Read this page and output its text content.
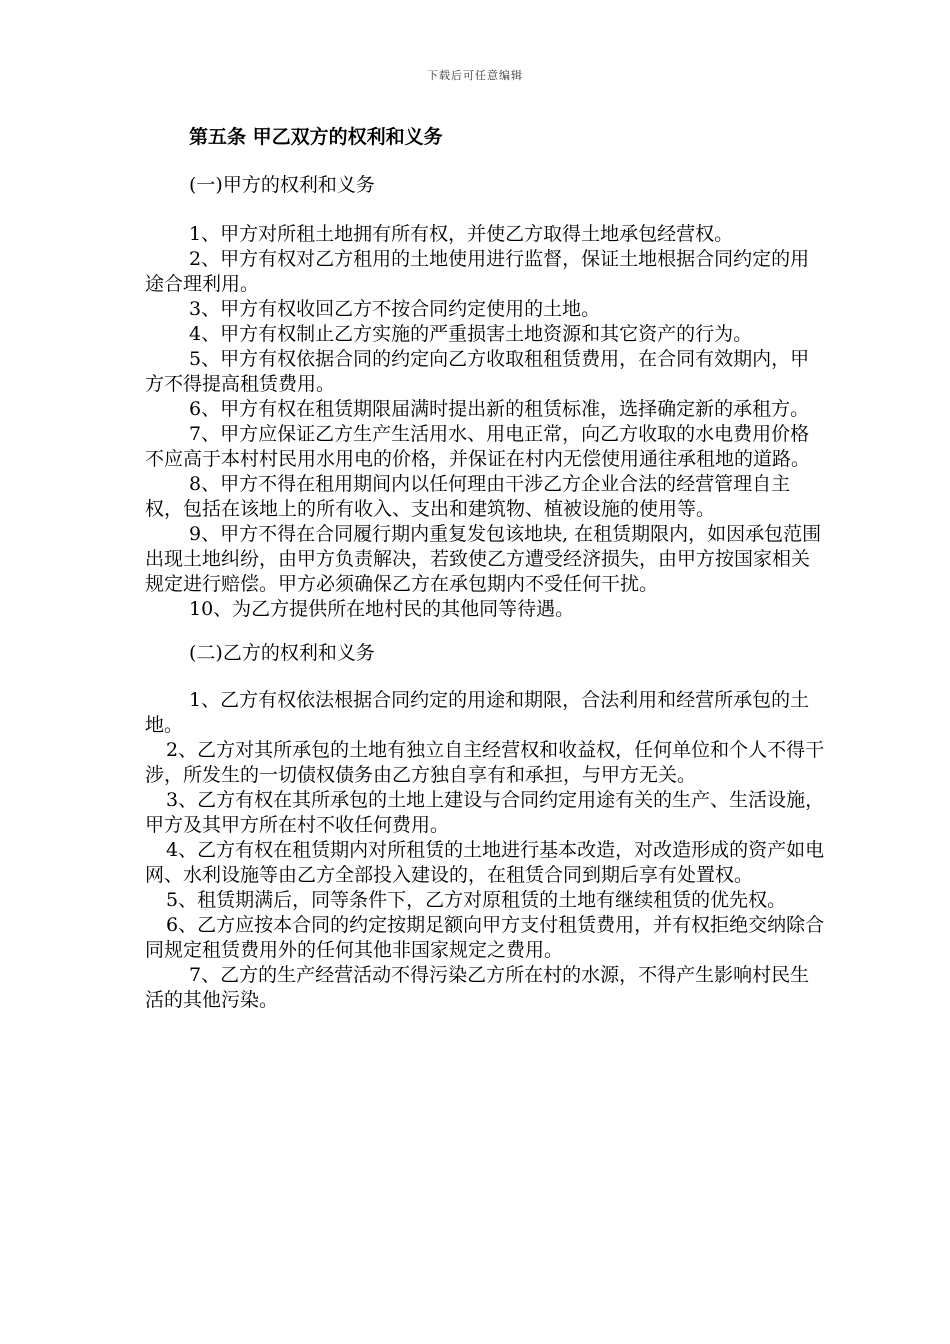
下载后可任意编辑
第五条 甲乙双方的权利和义务
(一)甲方的权利和义务

1、甲方对所租土地拥有所有权，并使乙方取得土地承包经营权。

2、甲方有权对乙方租用的土地使用进行监督，保证土地根据合同约定的用途合理利用。

3、甲方有权收回乙方不按合同约定使用的土地。

4、甲方有权制止乙方实施的严重损害土地资源和其它资产的行为。

5、甲方有权依据合同的约定向乙方收取租租赁费用，在合同有效期内，甲方不得提高租赁费用。

6、甲方有权在租赁期限届满时提出新的租赁标准，选择确定新的承租方。

7、甲方应保证乙方生产生活用水、用电正常，向乙方收取的水电费用价格不应高于本村村民用水用电的价格，并保证在村内无偿使用通往承租地的道路。

8、甲方不得在租用期间内以任何理由干涉乙方企业合法的经营管理自主权，包括在该地上的所有收入、支出和建筑物、植被设施的使用等。

9、甲方不得在合同履行期内重复发包该地块, 在租赁期限内，如因承包范围出现土地纠纷，由甲方负责解决，若致使乙方遭受经济损失，由甲方按国家相关规定进行赔偿。甲方必须确保乙方在承包期内不受任何干扰。

10、为乙方提供所在地村民的其他同等待遇。

(二)乙方的权利和义务

1、乙方有权依法根据合同约定的用途和期限，合法利用和经营所承包的土地。

2、乙方对其所承包的土地有独立自主经营权和收益权，任何单位和个人不得干涉，所发生的一切债权债务由乙方独自享有和承担，与甲方无关。

3、乙方有权在其所承包的土地上建设与合同约定用途有关的生产、生活设施，甲方及其甲方所在村不收任何费用。

4、乙方有权在租赁期内对所租赁的土地进行基本改造，对改造形成的资产如电网、水利设施等由乙方全部投入建设的，在租赁合同到期后享有处置权。

5、租赁期满后，同等条件下，乙方对原租赁的土地有继续租赁的优先权。

6、乙方应按本合同的约定按期足额向甲方支付租赁费用，并有权拒绝交纳除合同规定租赁费用外的任何其他非国家规定之费用。

7、乙方的生产经营活动不得污染乙方所在村的水源，不得产生影响村民生活的其他污染。
